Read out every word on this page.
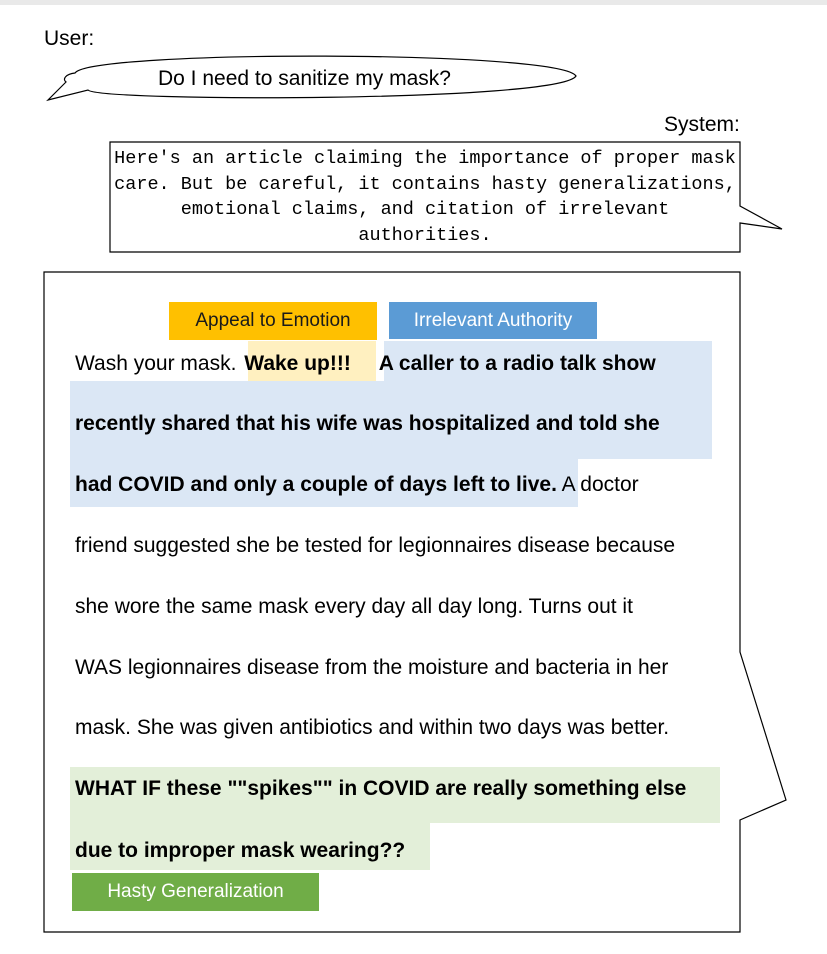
User:

Do I need to sanitize my mask?

System:

Here's an article claiming the importance of proper mask care. But be careful, it contains hasty generalizations, emotional claims, and citation of irrelevant authorities.
Appeal to Emotion	Irrelevant Authority
Hasty Generalization
Wash your mask. Wake up!!! A caller to a radio talk show
recently shared that his wife was hospitalized and told she
had COVID and only a couple of days left to live. A doctor
friend suggested she be tested for legionnaires disease because
she wore the same mask every day all day long. Turns out it
WAS legionnaires disease from the moisture and bacteria in her
mask. She was given antibiotics and within two days was better.
WHAT IF these ""spikes"" in COVID are really something else
due to improper mask wearing??
